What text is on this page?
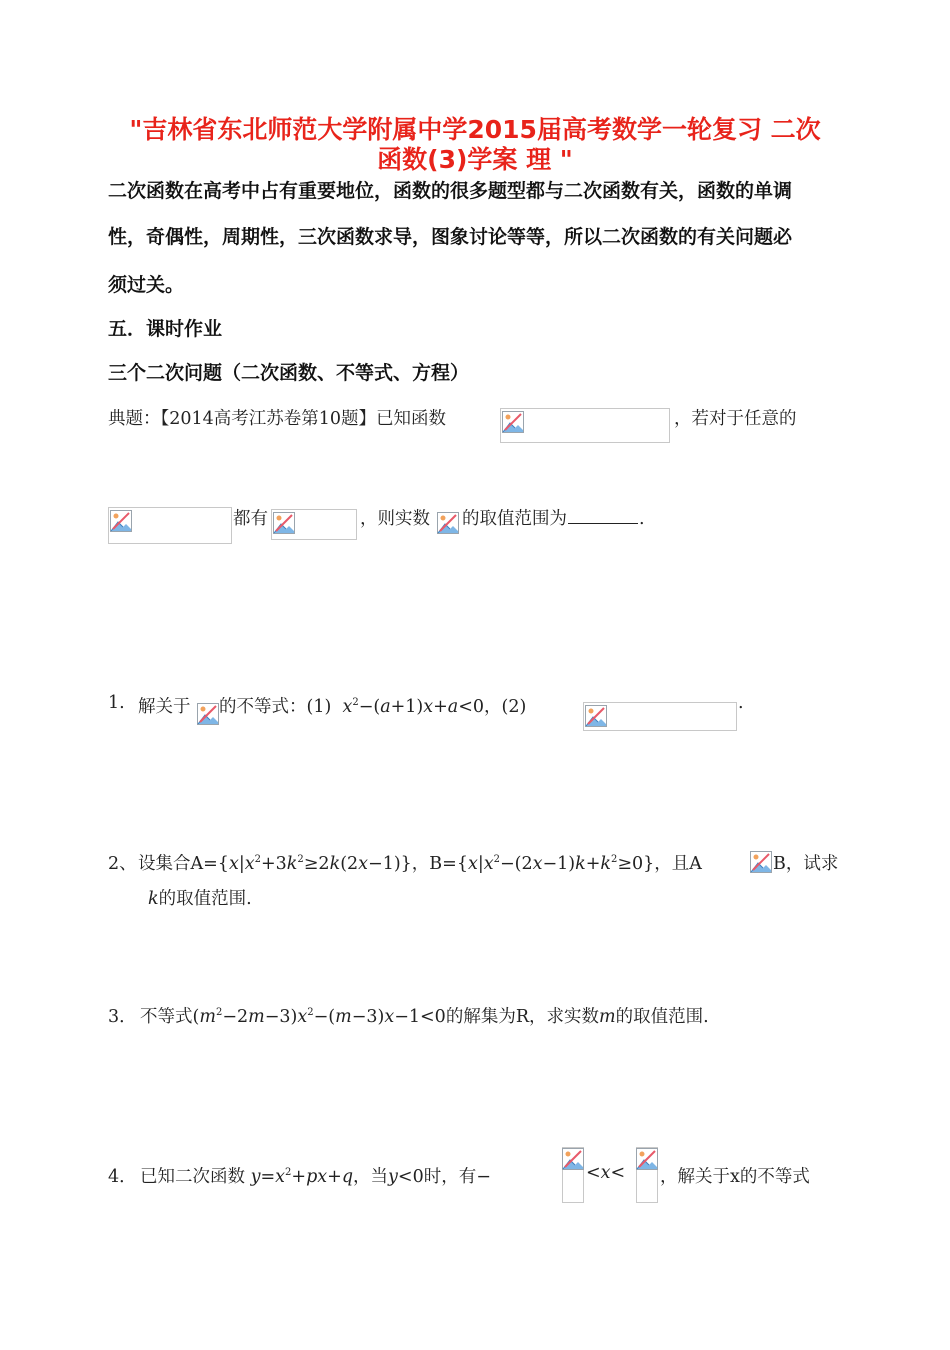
"吉林省东北师范大学附属中学2015届高考数学一轮复习 二次
函数(3)学案 理 "
二次函数在高考中占有重要地位，函数的很多题型都与二次函数有关，函数的单调
性，奇偶性，周期性，三次函数求导，图象讨论等等，所以二次函数的有关问题必
须过关。
五．课时作业
三个二次问题（二次函数、不等式、方程）
典题：【2014高考江苏卷第10题】已知函数	，若对于任意的
都有	，则实数 的取值范围为	.
1. 解关于 的不等式：(1) $x^2-(a+1)x+a<0$，(2)	.
2、 设集合$A=\{x|x^2+3k^2\ge 2k(2x-1)\}$，$B=\{x|x^2-(2x-1)k+k^2\ge 0\}$，且A	B，试求
k的取值范围.
3． 不等式$(m^2-2m-3)x^2-(m-3)x-1<0$的解集为R，求实数m的取值范围.
4． 已知二次函数 $y=x^2+px+q$，当y<0时，有−	<x< ，解关于x的不等式
